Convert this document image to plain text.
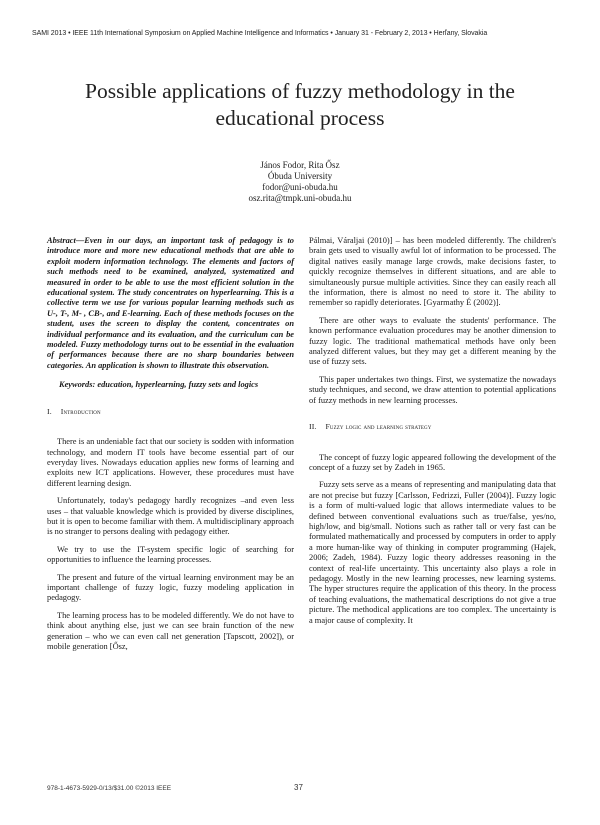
SAMI 2013 • IEEE 11th International Symposium on Applied Machine Intelligence and Informatics • January 31 - February 2, 2013 • Herľany, Slovakia
Possible applications of fuzzy methodology in the educational process
János Fodor, Rita Ősz
Óbuda University
fodor@uni-obuda.hu
osz.rita@tmpk.uni-obuda.hu

Abstract—Even in our days, an important task of pedagogy is to introduce more and more new educational methods that are able to exploit modern information technology. The elements and factors of such methods need to be examined, analyzed, systematized and measured in order to be able to use the most efficient solution in the educational system. The study concentrates on hyperlearning. This is a collective term we use for various popular learning methods such as U-, T-, M- , CB-, and E-learning. Each of these methods focuses on the student, uses the screen to display the content, concentrates on individual performance and its evaluation, and the curriculum can be modeled. Fuzzy methodology turns out to be essential in the evaluation of performances because there are no sharp boundaries between categories. An application is shown to illustrate this observation.

Keywords: education, hyperlearning, fuzzy sets and logics
I. Introduction

There is an undeniable fact that our society is sodden with information technology, and modern IT tools have become essential part of our everyday lives. Nowadays education applies new forms of learning and exploits new ICT applications. However, these procedures must have different learning design.

Unfortunately, today's pedagogy hardly recognizes –and even less uses – that valuable knowledge which is provided by diverse disciplines, but it is open to become familiar with them. A multidisciplinary approach is no stranger to persons dealing with pedagogy either.

We try to use the IT-system specific logic of searching for opportunities to influence the learning processes.

The present and future of the virtual learning environment may be an important challenge of fuzzy logic, fuzzy modeling application in pedagogy.

The learning process has to be modeled differently. We do not have to think about anything else, just we can see brain function of the new generation – who we can even call net generation [Tapscott, 2002]), or mobile generation [Ősz,

Pálmai, Váraljai (2010)] – has been modeled differently. The children's brain gets used to visually awful lot of information to be processed. The digital natives easily manage large crowds, make decisions faster, to quickly recognize themselves in different situations, and are able to simultaneously pursue multiple activities. Since they can easily reach all the information, there is almost no need to store it. The ability to remember so rapidly deteriorates. [Gyarmathy É (2002)].

There are other ways to evaluate the students' performance. The known performance evaluation procedures may be another dimension to fuzzy logic. The traditional mathematical methods have only been analyzed different values, but they may get a different meaning by the use of fuzzy sets.

This paper undertakes two things. First, we systematize the nowadays study techniques, and second, we draw attention to potential applications of fuzzy methods in new learning processes.

II. Fuzzy logic and learning strategy

The concept of fuzzy logic appeared following the development of the concept of a fuzzy set by Zadeh in 1965.

Fuzzy sets serve as a means of representing and manipulating data that are not precise but fuzzy [Carlsson, Fedrizzi, Fuller (2004)]. Fuzzy logic is a form of multi-valued logic that allows intermediate values to be defined between conventional evaluations such as true/false, yes/no, high/low, and big/small. Notions such as rather tall or very fast can be formulated mathematically and processed by computers in order to apply a more human-like way of thinking in computer programming (Hajek, 2006; Zadeh, 1984). Fuzzy logic theory addresses reasoning in the context of real-life uncertainty. This uncertainty also plays a role in pedagogy. Mostly in the new learning processes, new learning systems. The hyper structures require the application of this theory. In the process of teaching evaluations, the mathematical descriptions do not give a true picture. The methodical applications are too complex. The uncertainty is a major cause of complexity. It

978-1-4673-5929-0/13/$31.00 ©2013 IEEE	37
